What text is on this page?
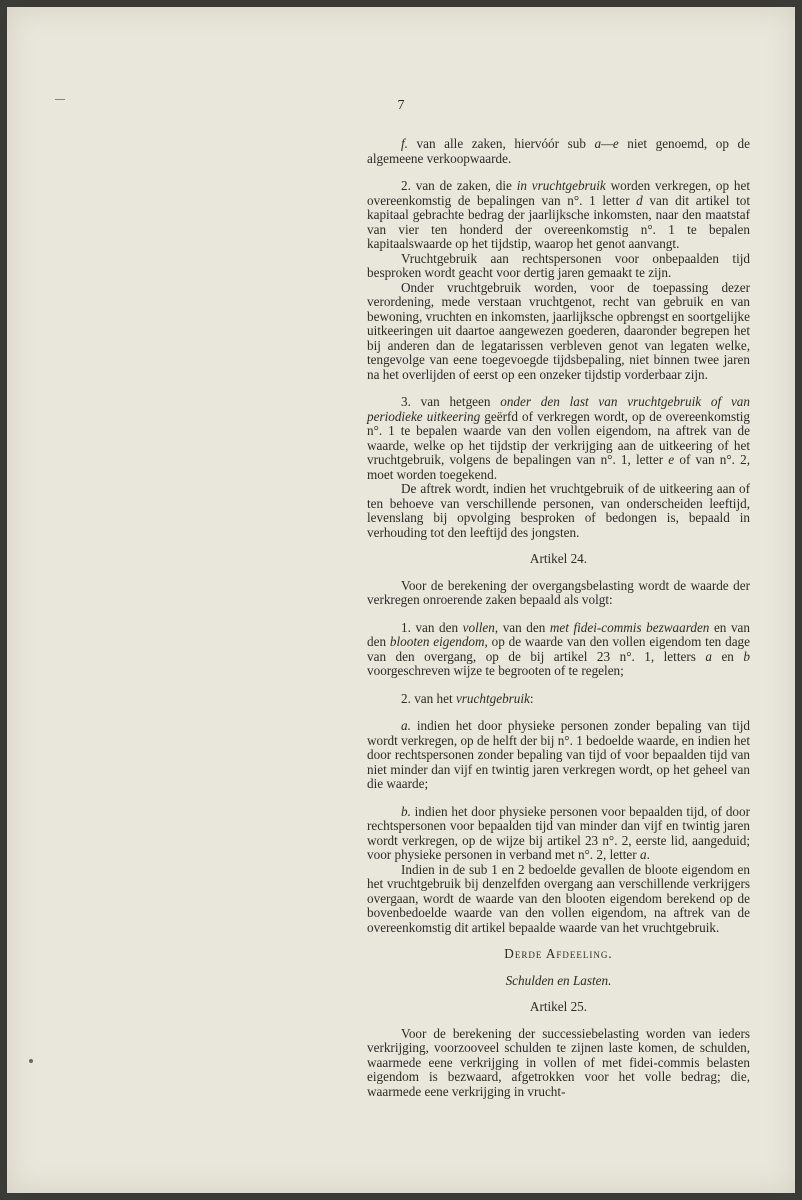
7

f. van alle zaken, hiervóór sub a—e niet genoemd, op de algemeene verkoopwaarde.

2. van de zaken, die in vruchtgebruik worden verkregen, op het overeenkomstig de bepalingen van n°. 1 letter d van dit artikel tot kapitaal gebrachte bedrag der jaarlijksche inkomsten, naar den maatstaf van vier ten honderd der overeenkomstig n°. 1 te bepalen kapitaalswaarde op het tijdstip, waarop het genot aanvangt.

Vruchtgebruik aan rechtspersonen voor onbepaalden tijd besproken wordt geacht voor dertig jaren gemaakt te zijn.

Onder vruchtgebruik worden, voor de toepassing dezer verordening, mede verstaan vruchtgenot, recht van gebruik en van bewoning, vruchten en inkomsten, jaarlijksche opbrengst en soortgelijke uitkeeringen uit daartoe aangewezen goederen, daaronder begrepen het bij anderen dan de legatarissen verbleven genot van legaten welke, tengevolge van eene toegevoegde tijdsbepaling, niet binnen twee jaren na het overlijden of eerst op een onzeker tijdstip vorderbaar zijn.

3. van hetgeen onder den last van vruchtgebruik of van periodieke uitkeering geërfd of verkregen wordt, op de overeenkomstig n°. 1 te bepalen waarde van den vollen eigendom, na aftrek van de waarde, welke op het tijdstip der verkrijging aan de uitkeering of het vruchtgebruik, volgens de bepalingen van n°. 1, letter e of van n°. 2, moet worden toegekend.

De aftrek wordt, indien het vruchtgebruik of de uitkeering aan of ten behoeve van verschillende personen, van onderscheiden leeftijd, levenslang bij opvolging besproken of bedongen is, bepaald in verhouding tot den leeftijd des jongsten.

Artikel 24.

Voor de berekening der overgangsbelasting wordt de waarde der verkregen onroerende zaken bepaald als volgt:

1. van den vollen, van den met fidei-commis bezwaarden en van den blooten eigendom, op de waarde van den vollen eigendom ten dage van den overgang, op de bij artikel 23 n°. 1, letters a en b voorgeschreven wijze te begrooten of te regelen;

2. van het vruchtgebruik:

a. indien het door physieke personen zonder bepaling van tijd wordt verkregen, op de helft der bij n°. 1 bedoelde waarde, en indien het door rechtspersonen zonder bepaling van tijd of voor bepaalden tijd van niet minder dan vijf en twintig jaren verkregen wordt, op het geheel van die waarde;

b. indien het door physieke personen voor bepaalden tijd, of door rechtspersonen voor bepaalden tijd van minder dan vijf en twintig jaren wordt verkregen, op de wijze bij artikel 23 n°. 2, eerste lid, aangeduid; voor physieke personen in verband met n°. 2, letter a.

Indien in de sub 1 en 2 bedoelde gevallen de bloote eigendom en het vruchtgebruik bij denzelfden overgang aan verschillende verkrijgers overgaan, wordt de waarde van den blooten eigendom berekend op de bovenbedoelde waarde van den vollen eigendom, na aftrek van de overeenkomstig dit artikel bepaalde waarde van het vruchtgebruik.

Derde Afdeeling.

Schulden en Lasten.

Artikel 25.

Voor de berekening der successiebelasting worden van ieders verkrijging, voorzooveel schulden te zijnen laste komen, de schulden, waarmede eene verkrijging in vollen of met fidei-commis belasten eigendom is bezwaard, afgetrokken voor het volle bedrag; die, waarmede eene verkrijging in vrucht-
